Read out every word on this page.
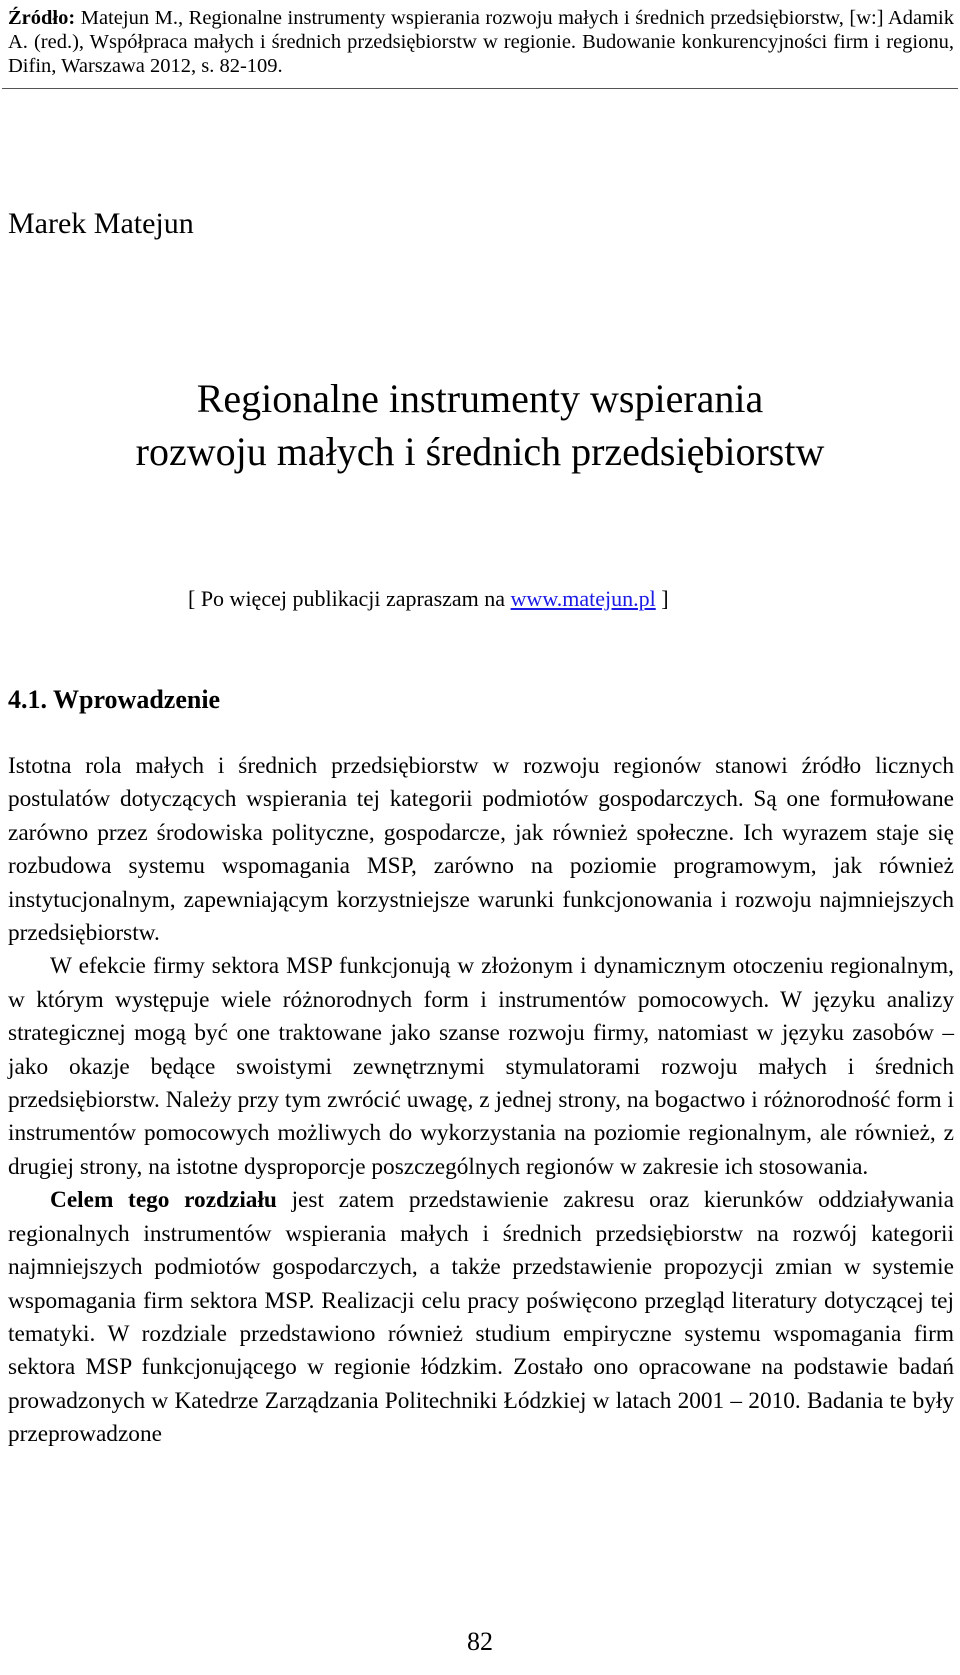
Źródło: Matejun M., Regionalne instrumenty wspierania rozwoju małych i średnich przedsiębiorstw, [w:] Adamik A. (red.), Współpraca małych i średnich przedsiębiorstw w regionie. Budowanie konkurencyjności firm i regionu, Difin, Warszawa 2012, s. 82-109.
Marek Matejun
Regionalne instrumenty wspierania
rozwoju małych i średnich przedsiębiorstw
[ Po więcej publikacji zapraszam na www.matejun.pl ]
4.1. Wprowadzenie

Istotna rola małych i średnich przedsiębiorstw w rozwoju regionów stanowi źródło licznych postulatów dotyczących wspierania tej kategorii podmiotów gospodarczych. Są one formułowane zarówno przez środowiska polityczne, gospodarcze, jak również społeczne. Ich wyrazem staje się rozbudowa systemu wspomagania MSP, zarówno na poziomie programowym, jak również instytucjonalnym, zapewniającym korzystniejsze warunki funkcjonowania i rozwoju najmniejszych przedsiębiorstw.

W efekcie firmy sektora MSP funkcjonują w złożonym i dynamicznym otoczeniu regionalnym, w którym występuje wiele różnorodnych form i instrumentów pomocowych. W języku analizy strategicznej mogą być one traktowane jako szanse rozwoju firmy, natomiast w języku zasobów – jako okazje będące swoistymi zewnętrznymi stymulatorami rozwoju małych i średnich przedsiębiorstw. Należy przy tym zwrócić uwagę, z jednej strony, na bogactwo i różnorodność form i instrumentów pomocowych możliwych do wykorzystania na poziomie regionalnym, ale również, z drugiej strony, na istotne dysproporcje poszczególnych regionów w zakresie ich stosowania.

Celem tego rozdziału jest zatem przedstawienie zakresu oraz kierunków oddziaływania regionalnych instrumentów wspierania małych i średnich przedsiębiorstw na rozwój kategorii najmniejszych podmiotów gospodarczych, a także przedstawienie propozycji zmian w systemie wspomagania firm sektora MSP. Realizacji celu pracy poświęcono przegląd literatury dotyczącej tej tematyki. W rozdziale przedstawiono również studium empiryczne systemu wspomagania firm sektora MSP funkcjonującego w regionie łódzkim. Zostało ono opracowane na podstawie badań prowadzonych w Katedrze Zarządzania Politechniki Łódzkiej w latach 2001 – 2010. Badania te były przeprowadzone

82
